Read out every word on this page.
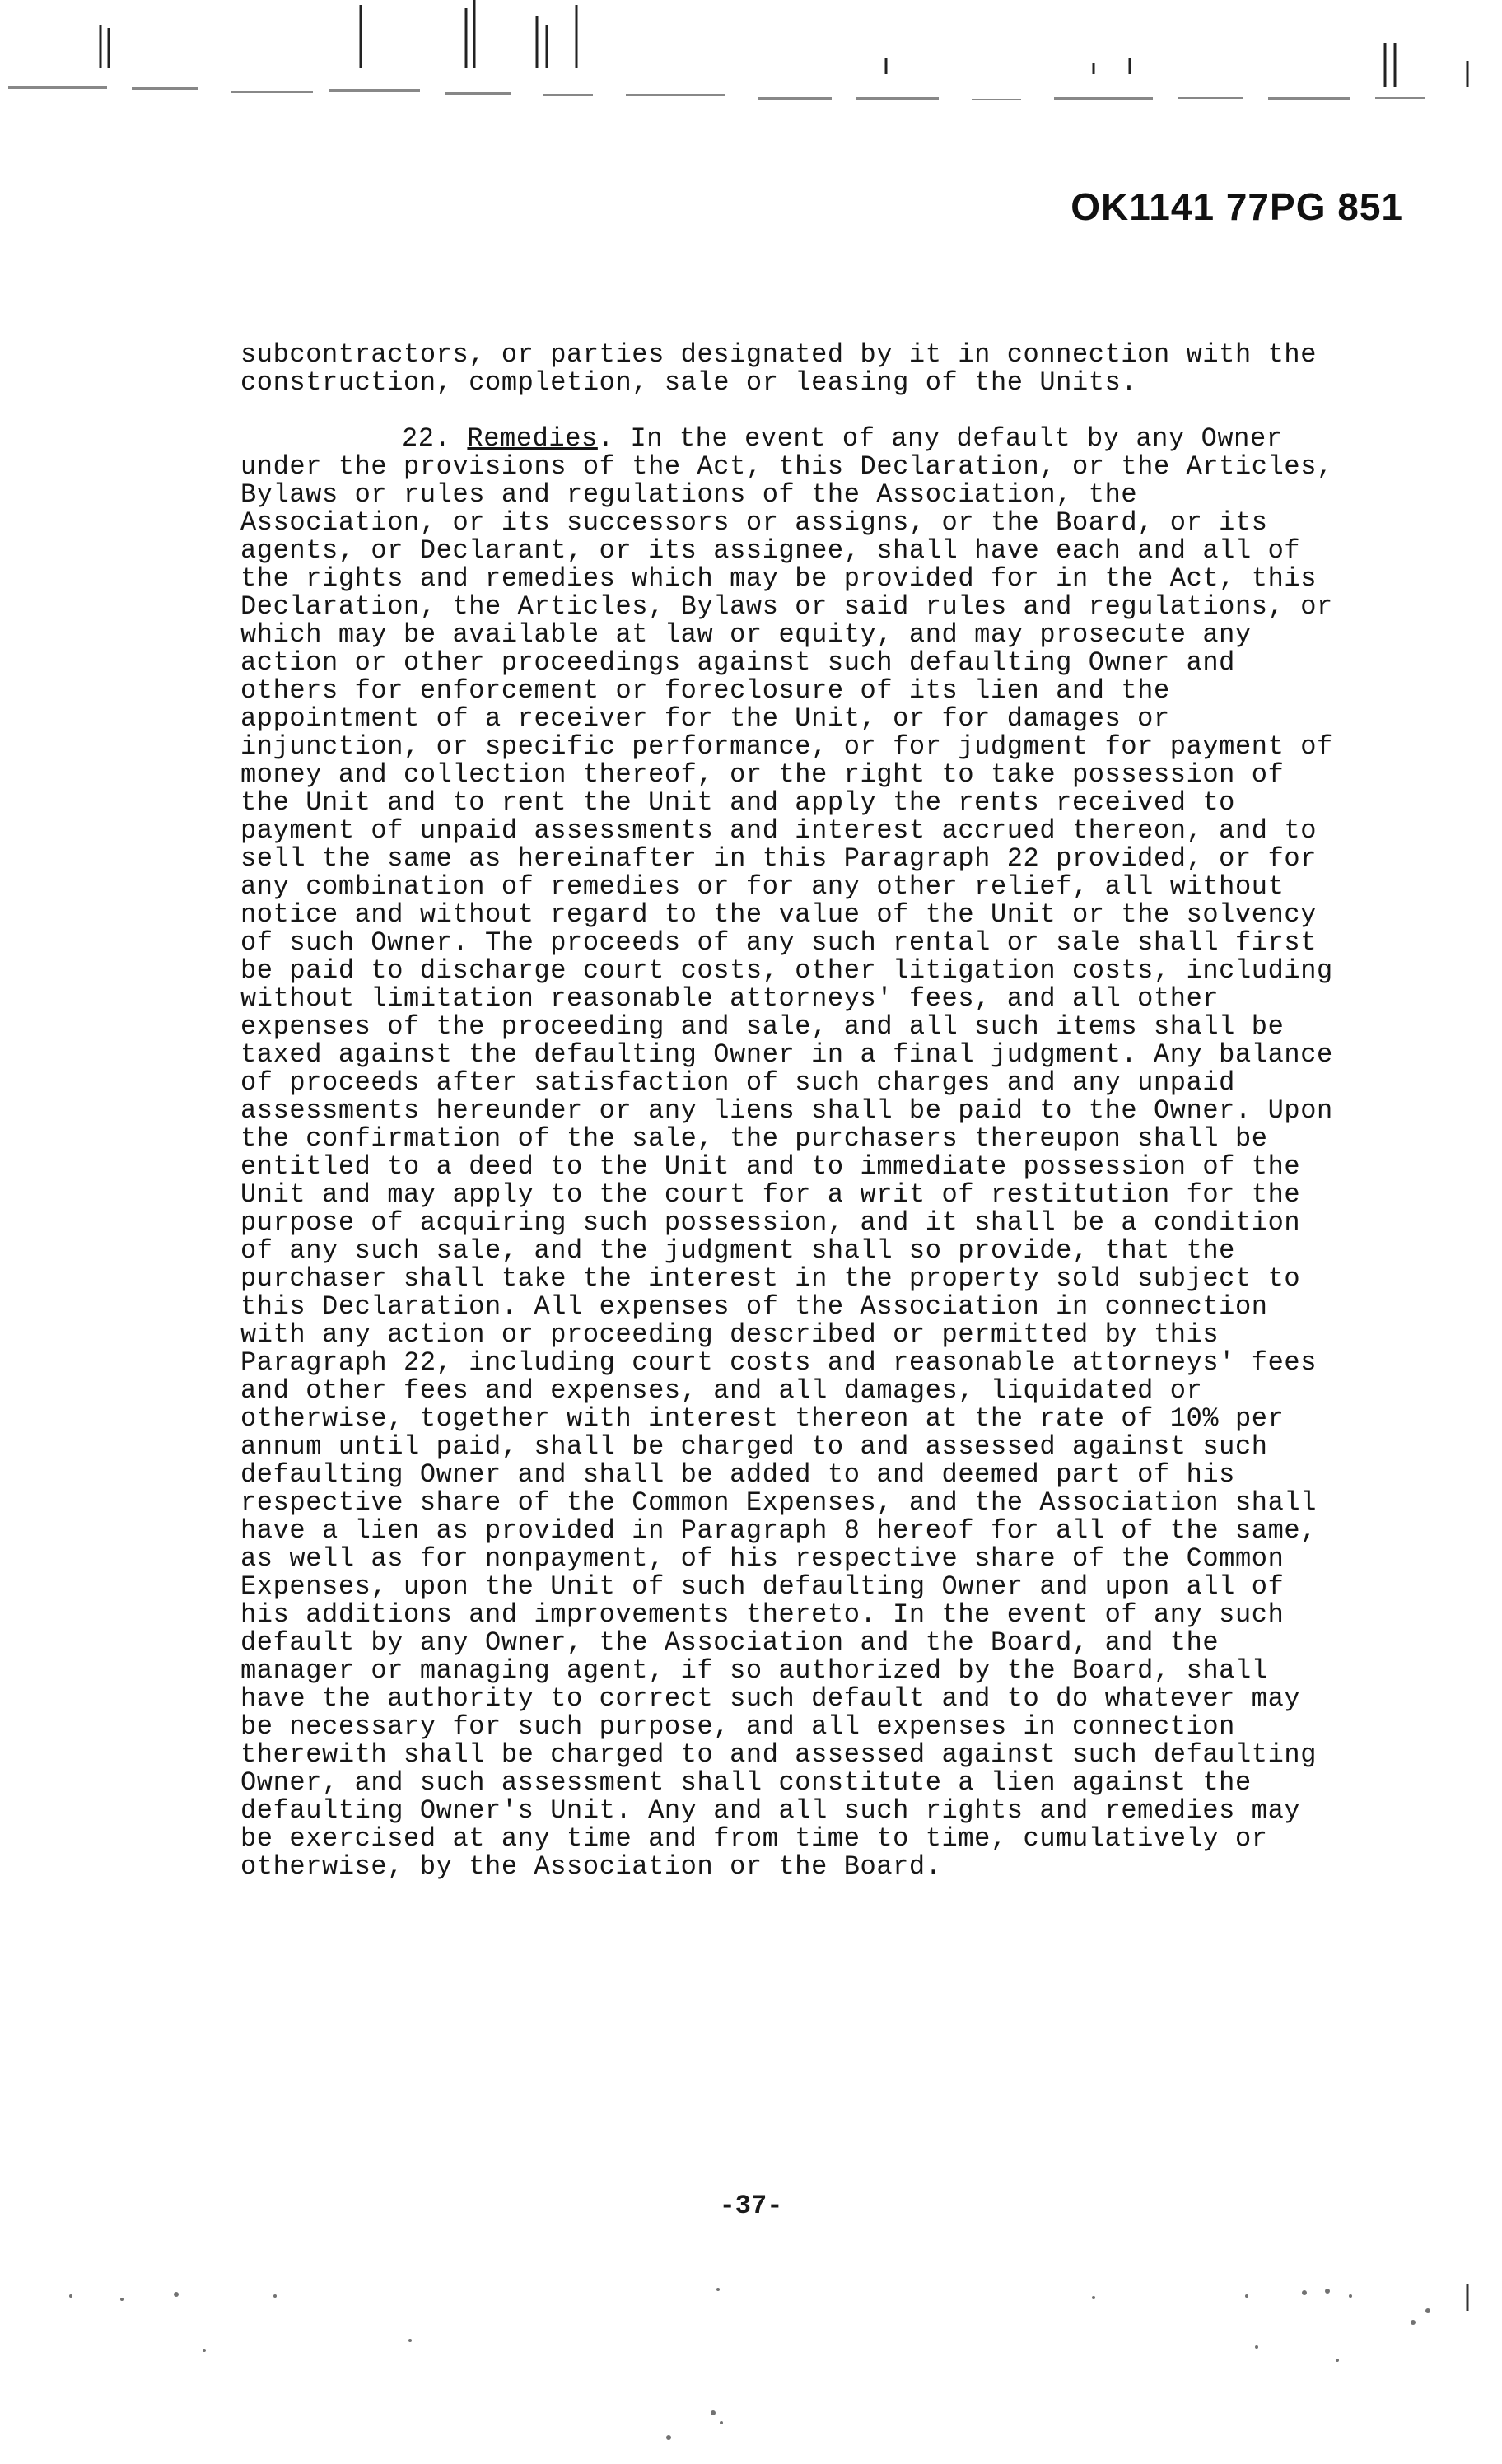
OK1141 77PG 851

subcontractors, or parties designated by it in connection with the construction, completion, sale or leasing of the Units.

22. Remedies. In the event of any default by any Owner under the provisions of the Act, this Declaration, or the Articles, Bylaws or rules and regulations of the Association, the Association, or its successors or assigns, or the Board, or its agents, or Declarant, or its assignee, shall have each and all of the rights and remedies which may be provided for in the Act, this Declaration, the Articles, Bylaws or said rules and regulations, or which may be available at law or equity, and may prosecute any action or other proceedings against such defaulting Owner and others for enforcement or foreclosure of its lien and the appointment of a receiver for the Unit, or for damages or injunction, or specific performance, or for judgment for payment of money and collection thereof, or the right to take possession of the Unit and to rent the Unit and apply the rents received to payment of unpaid assessments and interest accrued thereon, and to sell the same as hereinafter in this Paragraph 22 provided, or for any combination of remedies or for any other relief, all without notice and without regard to the value of the Unit or the solvency of such Owner. The proceeds of any such rental or sale shall first be paid to discharge court costs, other litigation costs, including without limitation reasonable attorneys' fees, and all other expenses of the proceeding and sale, and all such items shall be taxed against the defaulting Owner in a final judgment. Any balance of proceeds after satisfaction of such charges and any unpaid assessments hereunder or any liens shall be paid to the Owner. Upon the confirmation of the sale, the purchasers thereupon shall be entitled to a deed to the Unit and to immediate possession of the Unit and may apply to the court for a writ of restitution for the purpose of acquiring such possession, and it shall be a condition of any such sale, and the judgment shall so provide, that the purchaser shall take the interest in the property sold subject to this Declaration. All expenses of the Association in connection with any action or proceeding described or permitted by this Paragraph 22, including court costs and reasonable attorneys' fees and other fees and expenses, and all damages, liquidated or otherwise, together with interest thereon at the rate of 10% per annum until paid, shall be charged to and assessed against such defaulting Owner and shall be added to and deemed part of his respective share of the Common Expenses, and the Association shall have a lien as provided in Paragraph 8 hereof for all of the same, as well as for nonpayment, of his respective share of the Common Expenses, upon the Unit of such defaulting Owner and upon all of his additions and improvements thereto. In the event of any such default by any Owner, the Association and the Board, and the manager or managing agent, if so authorized by the Board, shall have the authority to correct such default and to do whatever may be necessary for such purpose, and all expenses in connection therewith shall be charged to and assessed against such defaulting Owner, and such assessment shall constitute a lien against the defaulting Owner's Unit. Any and all such rights and remedies may be exercised at any time and from time to time, cumulatively or otherwise, by the Association or the Board.

-37-
